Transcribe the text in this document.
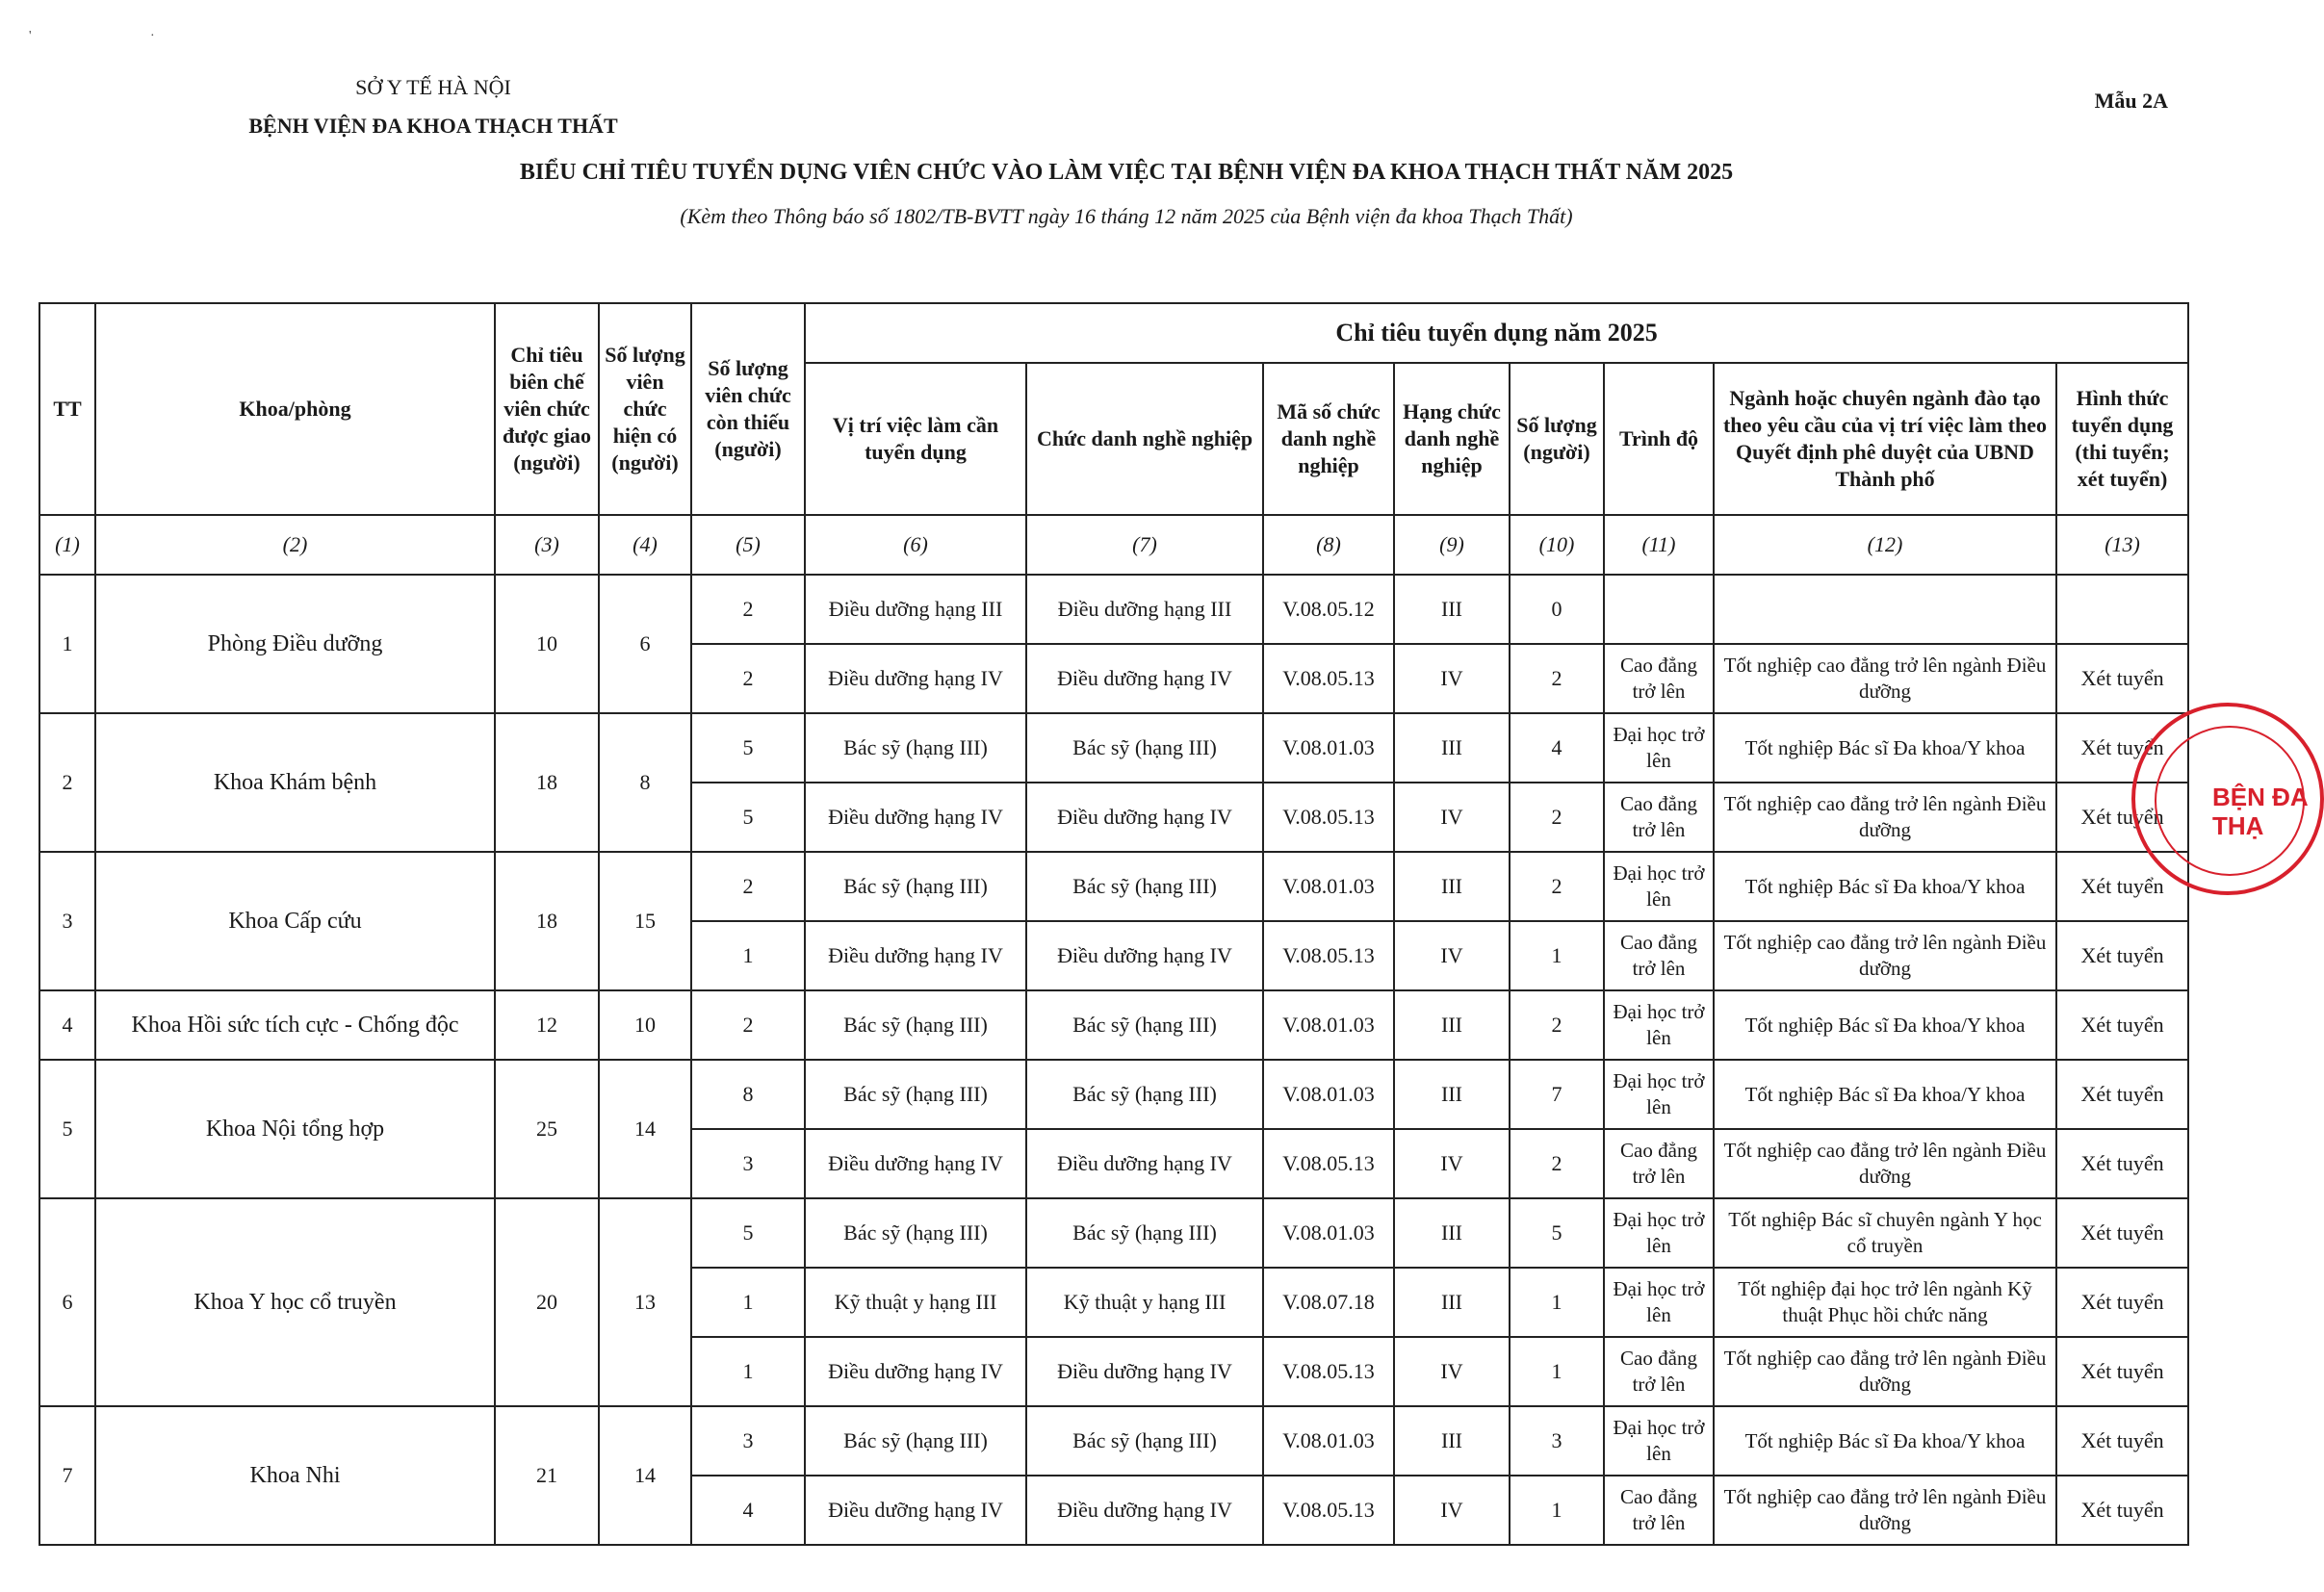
' ·
SỞ Y TẾ HÀ NỘI
BỆNH VIỆN ĐA KHOA THẠCH THẤT
Mẫu 2A
BIỂU CHỈ TIÊU TUYỂN DỤNG VIÊN CHỨC VÀO LÀM VIỆC TẠI BỆNH VIỆN ĐA KHOA THẠCH THẤT NĂM 2025
(Kèm theo Thông báo số 1802/TB-BVTT ngày 16 tháng 12 năm 2025 của Bệnh viện đa khoa Thạch Thất)
TT	Khoa/phòng	Chỉ tiêu biên chế viên chức được giao (người)	Số lượng viên chức hiện có (người)	Số lượng viên chức còn thiếu (người)	Chỉ tiêu tuyển dụng năm 2025							
					Vị trí việc làm cần tuyển dụng	Chức danh nghề nghiệp	Mã số chức danh nghề nghiệp	Hạng chức danh nghề nghiệp	Số lượng (người)	Trình độ	Ngành hoặc chuyên ngành đào tạo theo yêu cầu của vị trí việc làm theo Quyết định phê duyệt của UBND Thành phố	Hình thức tuyển dụng (thi tuyển; xét tuyển)
(1)	(2)	(3)	(4)	(5)	(6)	(7)	(8)	(9)	(10)	(11)	(12)	(13)
1	Phòng Điều dưỡng	10	6	2	Điều dưỡng hạng III	Điều dưỡng hạng III	V.08.05.12	III	0			
				2	Điều dưỡng hạng IV	Điều dưỡng hạng IV	V.08.05.13	IV	2	Cao đẳng trở lên	Tốt nghiệp cao đẳng trở lên ngành Điều dưỡng	Xét tuyển
2	Khoa Khám bệnh	18	8	5	Bác sỹ (hạng III)	Bác sỹ (hạng III)	V.08.01.03	III	4	Đại học trở lên	Tốt nghiệp Bác sĩ Đa khoa/Y khoa	Xét tuyển
				5	Điều dưỡng hạng IV	Điều dưỡng hạng IV	V.08.05.13	IV	2	Cao đẳng trở lên	Tốt nghiệp cao đẳng trở lên ngành Điều dưỡng	Xét tuyển
3	Khoa Cấp cứu	18	15	2	Bác sỹ (hạng III)	Bác sỹ (hạng III)	V.08.01.03	III	2	Đại học trở lên	Tốt nghiệp Bác sĩ Đa khoa/Y khoa	Xét tuyển
				1	Điều dưỡng hạng IV	Điều dưỡng hạng IV	V.08.05.13	IV	1	Cao đẳng trở lên	Tốt nghiệp cao đẳng trở lên ngành Điều dưỡng	Xét tuyển
4	Khoa Hồi sức tích cực - Chống độc	12	10	2	Bác sỹ (hạng III)	Bác sỹ (hạng III)	V.08.01.03	III	2	Đại học trở lên	Tốt nghiệp Bác sĩ Đa khoa/Y khoa	Xét tuyển
5	Khoa Nội tổng hợp	25	14	8	Bác sỹ (hạng III)	Bác sỹ (hạng III)	V.08.01.03	III	7	Đại học trở lên	Tốt nghiệp Bác sĩ Đa khoa/Y khoa	Xét tuyển
				3	Điều dưỡng hạng IV	Điều dưỡng hạng IV	V.08.05.13	IV	2	Cao đẳng trở lên	Tốt nghiệp cao đẳng trở lên ngành Điều dưỡng	Xét tuyển
6	Khoa Y học cổ truyền	20	13	5	Bác sỹ (hạng III)	Bác sỹ (hạng III)	V.08.01.03	III	5	Đại học trở lên	Tốt nghiệp Bác sĩ chuyên ngành Y học cổ truyền	Xét tuyển
				1	Kỹ thuật y hạng III	Kỹ thuật y hạng III	V.08.07.18	III	1	Đại học trở lên	Tốt nghiệp đại học trở lên ngành Kỹ thuật Phục hồi chức năng	Xét tuyển
				1	Điều dưỡng hạng IV	Điều dưỡng hạng IV	V.08.05.13	IV	1	Cao đẳng trở lên	Tốt nghiệp cao đẳng trở lên ngành Điều dưỡng	Xét tuyển
7	Khoa Nhi	21	14	3	Bác sỹ (hạng III)	Bác sỹ (hạng III)	V.08.01.03	III	3	Đại học trở lên	Tốt nghiệp Bác sĩ Đa khoa/Y khoa	Xét tuyển
				4	Điều dưỡng hạng IV	Điều dưỡng hạng IV	V.08.05.13	IV	1	Cao đẳng trở lên	Tốt nghiệp cao đẳng trở lên ngành Điều dưỡng	Xét tuyển
BỆN ĐA THẠ
